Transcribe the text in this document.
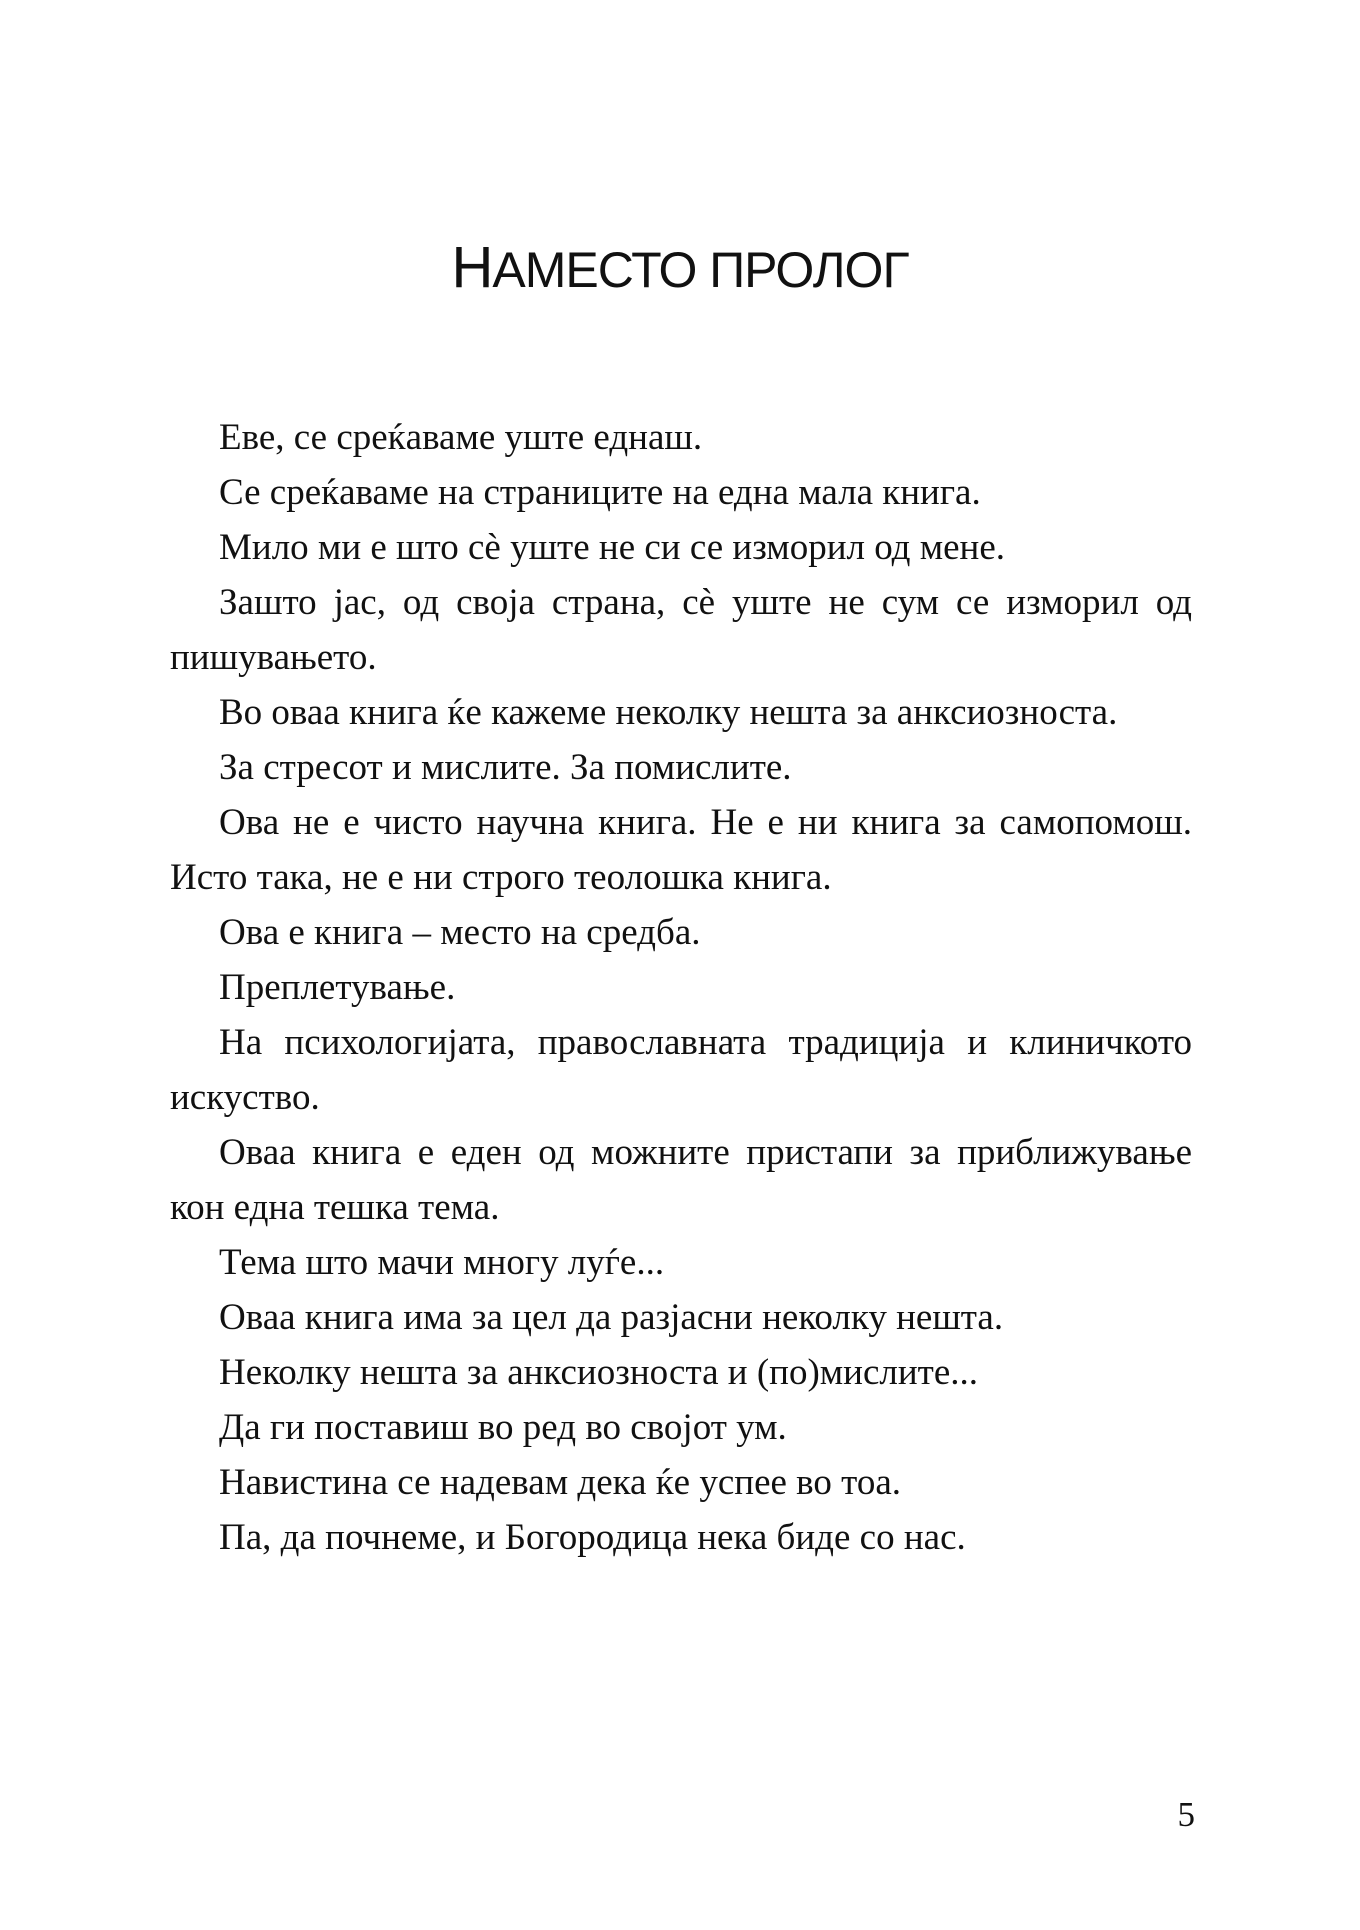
НАМЕСТО ПРОЛОГ

Еве, се среќаваме уште еднаш.

Се среќаваме на страниците на една мала книга.

Мило ми е што сè уште не си се изморил од мене.

Зашто јас, од своја страна, сè уште не сум се изморил од пишувањето.

Во оваа книга ќе кажеме неколку нешта за анксиозноста.

За стресот и мислите. За помислите.

Ова не е чисто научна книга. Не е ни книга за самопомош. Исто така, не е ни строго теолошка книга.

Ова е книга – место на средба.

Преплетување.

На психологијата, православната традиција и клиничкото искуство.

Оваа книга е еден од можните пристапи за приближување кон една тешка тема.

Тема што мачи многу луѓе...

Оваа книга има за цел да разјасни неколку нешта.

Неколку нешта за анксиозноста и (по)мислите...

Да ги поставиш во ред во својот ум.

Навистина се надевам дека ќе успее во тоа.

Па, да почнеме, и Богородица нека биде со нас.

5
